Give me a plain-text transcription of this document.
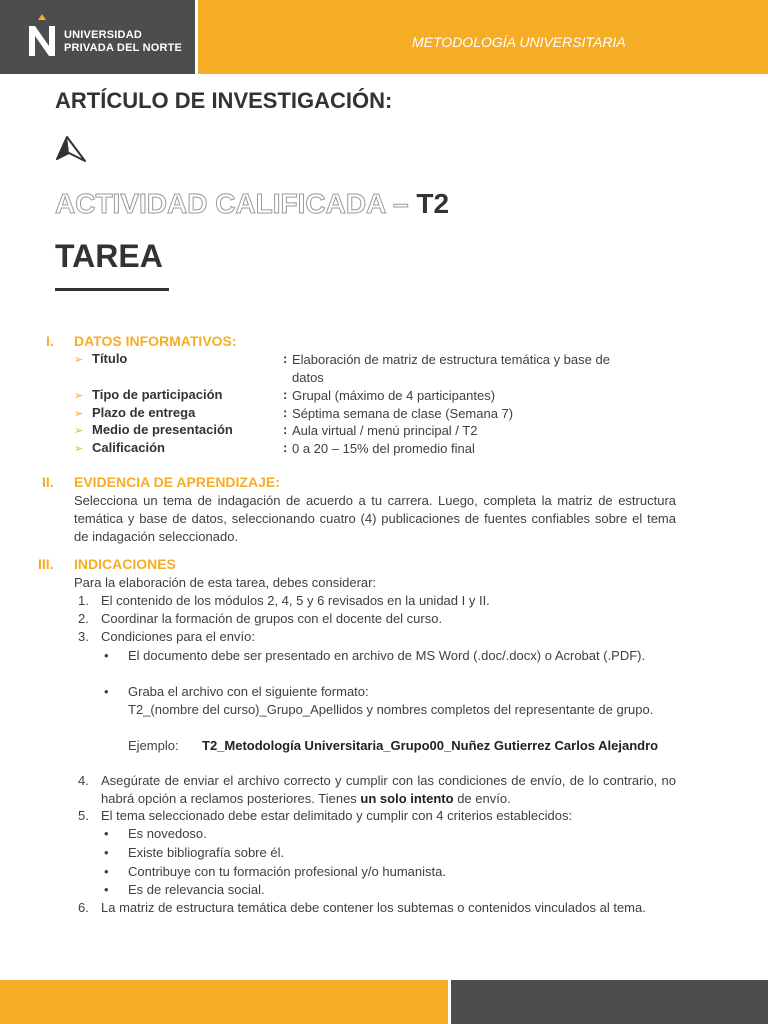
UNIVERSIDAD
PRIVADA DEL NORTE	METODOLOGÍA UNIVERSITARIA
ARTÍCULO DE INVESTIGACIÓN:
ACTIVIDAD CALIFICADA – T2
TAREA
I. DATOS INFORMATIVOS:
➢ Título	: Elaboración de matriz de estructura temática y base de datos
➢ Tipo de participación	: Grupal (máximo de 4 participantes)
➢ Plazo de entrega	: Séptima semana de clase (Semana 7)
➢ Medio de presentación	: Aula virtual / menú principal / T2
➢ Calificación	: 0 a 20 – 15% del promedio final
II. EVIDENCIA DE APRENDIZAJE:
Selecciona un tema de indagación de acuerdo a tu carrera. Luego, completa la matriz de estructura temática y base de datos, seleccionando cuatro (4) publicaciones de fuentes confiables sobre el tema de indagación seleccionado.
III. INDICACIONES
Para la elaboración de esta tarea, debes considerar:
1. El contenido de los módulos 2, 4, 5 y 6 revisados en la unidad I y II.
2. Coordinar la formación de grupos con el docente del curso.
3. Condiciones para el envío:
• El documento debe ser presentado en archivo de MS Word (.doc/.docx) o Acrobat (.PDF).
• Graba el archivo con el siguiente formato:
T2_(nombre del curso)_Grupo_Apellidos y nombres completos del representante de grupo.
Ejemplo:	T2_Metodología Universitaria_Grupo00_Nuñez Gutierrez Carlos Alejandro
4. Asegúrate de enviar el archivo correcto y cumplir con las condiciones de envío, de lo contrario, no habrá opción a reclamos posteriores. Tienes un solo intento de envío.
5. El tema seleccionado debe estar delimitado y cumplir con 4 criterios establecidos:
• Es novedoso.
• Existe bibliografía sobre él.
• Contribuye con tu formación profesional y/o humanista.
• Es de relevancia social.
6. La matriz de estructura temática debe contener los subtemas o contenidos vinculados al tema.
